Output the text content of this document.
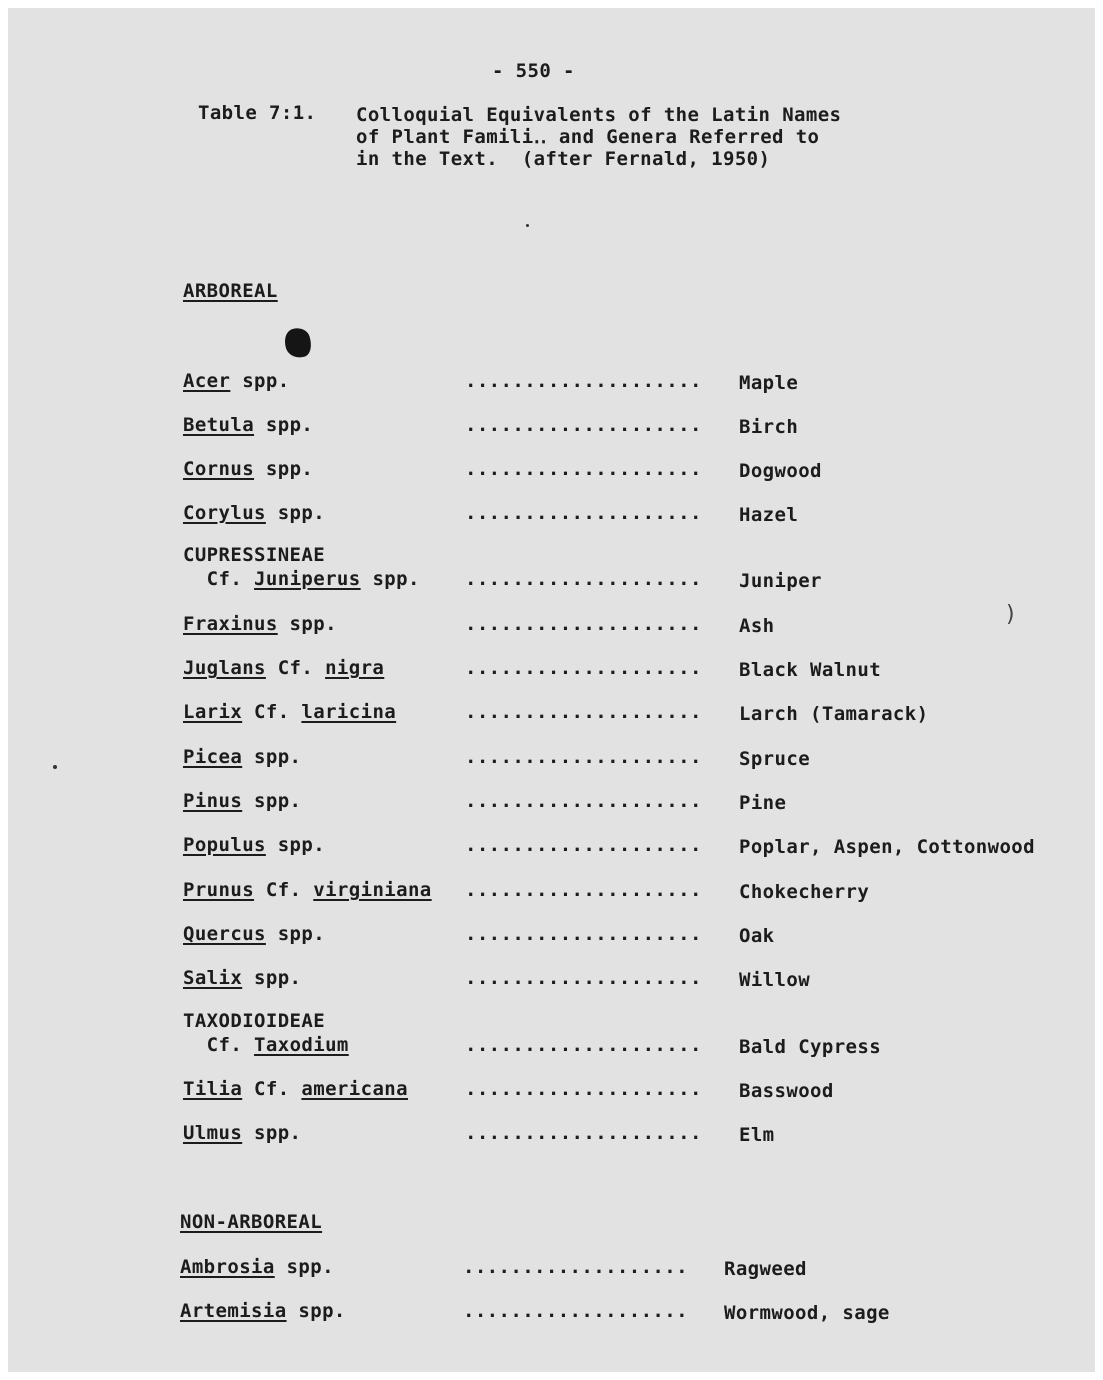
- 550 -
Table 7:1. Colloquial Equivalents of the Latin Names
of Plant Famili․․ and Genera Referred to
in the Text.  (after Fernald, 1950)
ARBOREAL
Acer spp.	.................... Maple
Betula spp.	.................... Birch
Cornus spp.	.................... Dogwood
Corylus spp.	.................... Hazel
CUPRESSINEAE
Cf. Juniperus spp. .................... Juniper
Fraxinus spp.	.................... Ash
Juglans Cf. nigra	.................... Black Walnut
Larix Cf. laricina	.................... Larch (Tamarack)
Picea spp.	.................... Spruce
Pinus spp.	.................... Pine
Populus spp.	.................... Poplar, Aspen, Cottonwood
Prunus Cf. virginiana .................... Chokecherry
Quercus spp.	.................... Oak
Salix spp.	.................... Willow
TAXODIOIDEAE
Cf. Taxodium	.................... Bald Cypress
Tilia Cf. americana	.................... Basswood
Ulmus spp.	.................... Elm
NON-ARBOREAL
Ambrosia spp.	................... Ragweed
Artemisia spp.	................... Wormwood, sage
)
